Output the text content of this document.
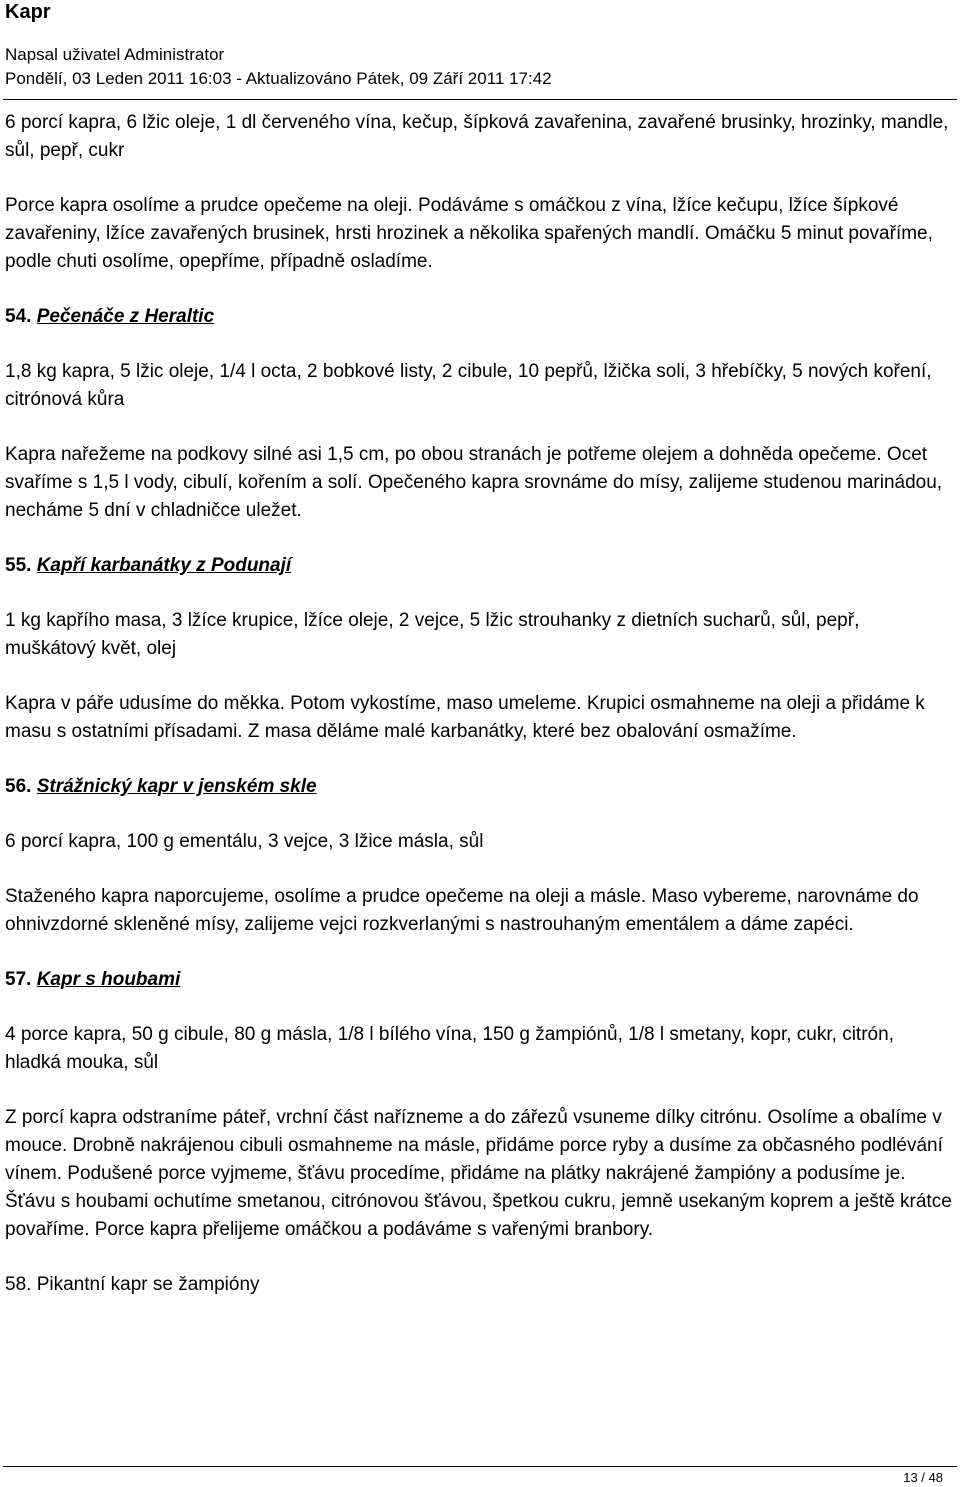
Kapr
Napsal uživatel Administrator
Pondělí, 03 Leden 2011 16:03 - Aktualizováno Pátek, 09 Září 2011 17:42

6 porcí kapra, 6 lžic oleje, 1 dl červeného vína, kečup, šípková zavařenina, zavařené brusinky, hrozinky, mandle, sůl, pepř, cukr

Porce kapra osolíme a prudce opečeme na oleji. Podáváme s omáčkou z vína, lžíce kečupu, lžíce šípkové zavařeniny, lžíce zavařených brusinek, hrsti hrozinek a několika spařených mandlí. Omáčku 5 minut povaříme, podle chuti osolíme, opepříme, případně osladíme.

54. Pečenáče z Heraltic

1,8 kg kapra, 5 lžic oleje, 1/4 l octa, 2 bobkové listy, 2 cibule, 10 pepřů, lžička soli, 3 hřebíčky, 5 nových koření, citrónová kůra

Kapra nařežeme na podkovy silné asi 1,5 cm, po obou stranách je potřeme olejem a dohněda opečeme. Ocet svaříme s 1,5 l vody, cibulí, kořením a solí. Opečeného kapra srovnáme do mísy, zalijeme studenou marinádou, necháme 5 dní v chladničce uležet.

55. Kapří karbanátky z Podunají

1 kg kapřího masa, 3 lžíce krupice, lžíce oleje, 2 vejce, 5 lžic strouhanky z dietních sucharů, sůl, pepř, muškátový květ, olej

Kapra v páře udusíme do měkka. Potom vykostíme, maso umeleme. Krupici osmahneme na oleji a přidáme k masu s ostatními přísadami. Z masa děláme malé karbanátky, které bez obalování osmažíme.

56. Strážnický kapr v jenském skle

6 porcí kapra, 100 g ementálu, 3 vejce, 3 lžice másla, sůl

Staženého kapra naporcujeme, osolíme a prudce opečeme na oleji a másle. Maso vybereme, narovnáme do ohnivzdorné skleněné mísy, zalijeme vejci rozkverlanými s nastrouhaným ementálem a dáme zapéci.

57. Kapr s houbami

4 porce kapra, 50 g cibule, 80 g másla, 1/8 l bílého vína, 150 g žampiónů, 1/8 l smetany, kopr, cukr, citrón, hladká mouka, sůl

Z porcí kapra odstraníme páteř, vrchní část nařízneme a do zářezů vsuneme dílky citrónu. Osolíme a obalíme v mouce. Drobně nakrájenou cibuli osmahneme na másle, přidáme porce ryby a dusíme za občasného podlévání vínem. Podušené porce vyjmeme, šťávu procedíme, přidáme na plátky nakrájené žampióny a podusíme je. Šťávu s houbami ochutíme smetanou, citrónovou šťávou, špetkou cukru, jemně usekaným koprem a ještě krátce povaříme. Porce kapra přelijeme omáčkou a podáváme s vařenými branbory.

58. Pikantní kapr se žampióny

13 / 48
